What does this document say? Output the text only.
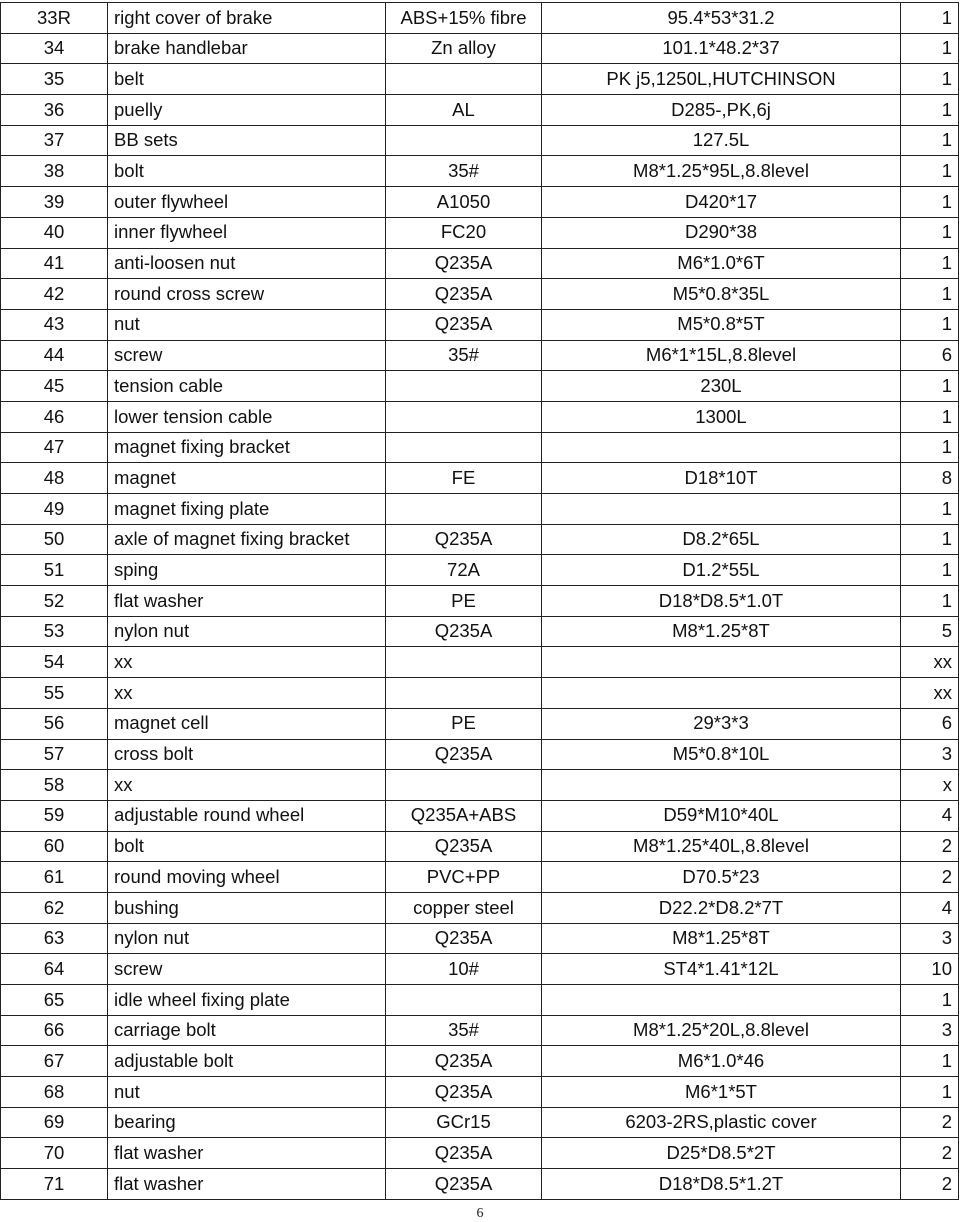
33R	right cover of brake	ABS+15% fibre	95.4*53*31.2	1
34	brake handlebar	Zn alloy	101.1*48.2*37	1
35	belt		PK j5,1250L,HUTCHINSON	1
36	puelly	AL	D285-,PK,6j	1
37	BB sets		127.5L	1
38	bolt	35#	M8*1.25*95L,8.8level	1
39	outer flywheel	A1050	D420*17	1
40	inner flywheel	FC20	D290*38	1
41	anti-loosen nut	Q235A	M6*1.0*6T	1
42	round cross screw	Q235A	M5*0.8*35L	1
43	nut	Q235A	M5*0.8*5T	1
44	screw	35#	M6*1*15L,8.8level	6
45	tension cable		230L	1
46	lower tension cable		1300L	1
47	magnet fixing bracket			1
48	magnet	FE	D18*10T	8
49	magnet fixing plate			1
50	axle of magnet fixing bracket	Q235A	D8.2*65L	1
51	sping	72A	D1.2*55L	1
52	flat washer	PE	D18*D8.5*1.0T	1
53	nylon nut	Q235A	M8*1.25*8T	5
54	xx			xx
55	xx			xx
56	magnet cell	PE	29*3*3	6
57	cross bolt	Q235A	M5*0.8*10L	3
58	xx			x
59	adjustable round wheel	Q235A+ABS	D59*M10*40L	4
60	bolt	Q235A	M8*1.25*40L,8.8level	2
61	round moving wheel	PVC+PP	D70.5*23	2
62	bushing	copper steel	D22.2*D8.2*7T	4
63	nylon nut	Q235A	M8*1.25*8T	3
64	screw	10#	ST4*1.41*12L	10
65	idle wheel fixing plate			1
66	carriage bolt	35#	M8*1.25*20L,8.8level	3
67	adjustable bolt	Q235A	M6*1.0*46	1
68	nut	Q235A	M6*1*5T	1
69	bearing	GCr15	6203-2RS,plastic cover	2
70	flat washer	Q235A	D25*D8.5*2T	2
71	flat washer	Q235A	D18*D8.5*1.2T	2
6
